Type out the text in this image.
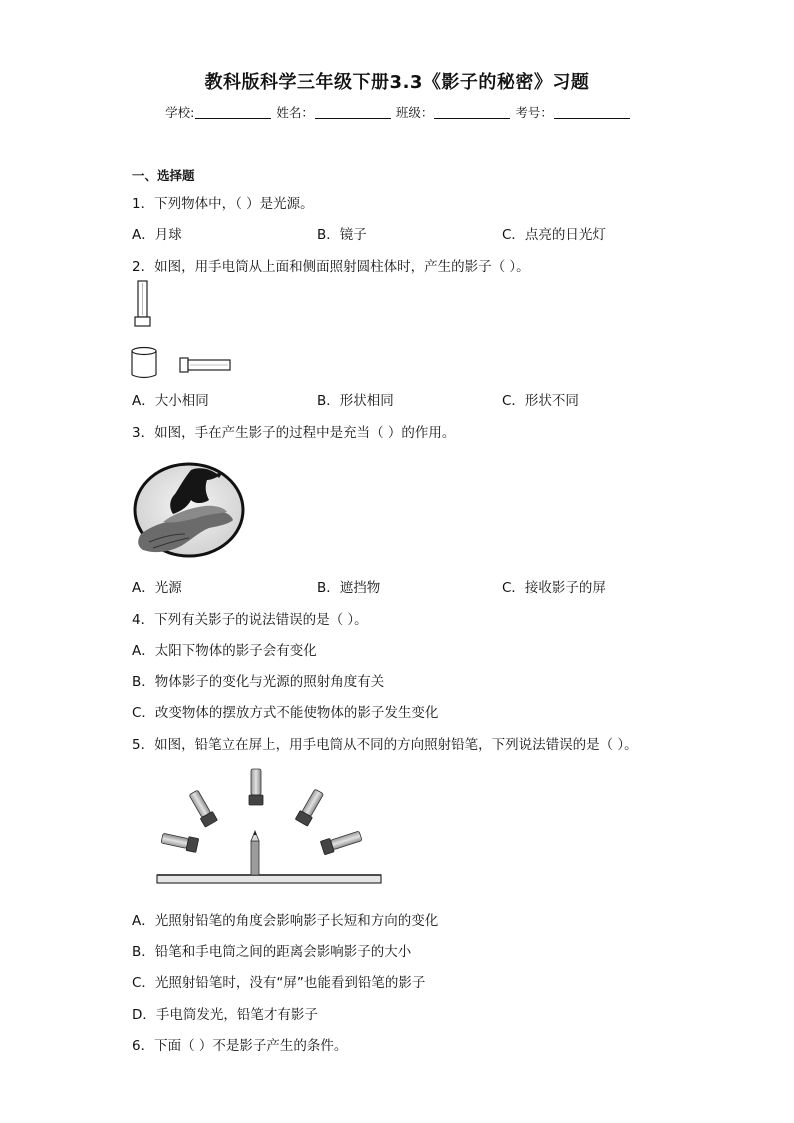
教科版科学三年级下册3.3《影子的秘密》习题
学校:	姓名：	班级：	考号：
一、选择题
1．下列物体中，（ ）是光源。
A．月球	B．镜子	C．点亮的日光灯
2．如图，用手电筒从上面和侧面照射圆柱体时，产生的影子（ ）。
A．大小相同	B．形状相同	C．形状不同
3．如图，手在产生影子的过程中是充当（ ）的作用。
A．光源	B．遮挡物	C．接收影子的屏
4．下列有关影子的说法错误的是（ ）。
A．太阳下物体的影子会有变化
B．物体影子的变化与光源的照射角度有关
C．改变物体的摆放方式不能使物体的影子发生变化
5．如图，铅笔立在屏上，用手电筒从不同的方向照射铅笔，下列说法错误的是（ ）。
A．光照射铅笔的角度会影响影子长短和方向的变化
B．铅笔和手电筒之间的距离会影响影子的大小
C．光照射铅笔时，没有“屏”也能看到铅笔的影子
D．手电筒发光，铅笔才有影子
6．下面（ ）不是影子产生的条件。
